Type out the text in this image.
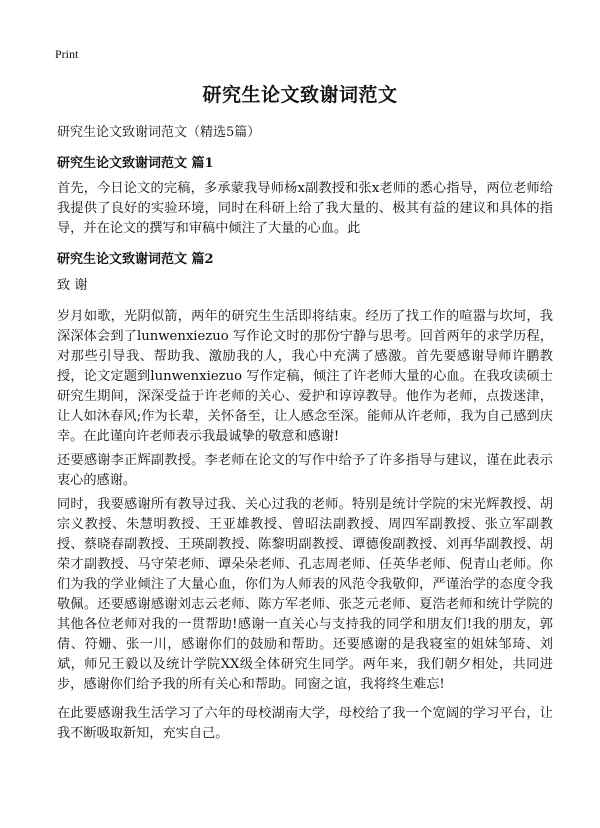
Print
研究生论文致谢词范文

研究生论文致谢词范文（精选5篇）

研究生论文致谢词范文 篇1

首先，今日论文的完稿，多承蒙我导师杨x副教授和张x老师的悉心指导，两位老师给我提供了良好的实验环境，同时在科研上给了我大量的、极其有益的建议和具体的指导，并在论文的撰写和审稿中倾注了大量的心血。此

研究生论文致谢词范文 篇2

致 谢

岁月如歌，光阴似箭，两年的研究生生活即将结束。经历了找工作的喧嚣与坎坷，我深深体会到了lunwenxiezuo 写作论文时的那份宁静与思考。回首两年的求学历程，对那些引导我、帮助我、激励我的人，我心中充满了感激。首先要感谢导师许鹏教授，论文定题到lunwenxiezuo 写作定稿，倾注了许老师大量的心血。在我攻读硕士研究生期间，深深受益于许老师的关心、爱护和谆谆教导。他作为老师，点拨迷津，让人如沐春风;作为长辈，关怀备至，让人感念至深。能师从许老师，我为自己感到庆幸。在此谨向许老师表示我最诚挚的敬意和感谢!

还要感谢李正辉副教授。李老师在论文的写作中给予了许多指导与建议，谨在此表示衷心的感谢。

同时，我要感谢所有教导过我、关心过我的老师。特别是统计学院的宋光辉教授、胡宗义教授、朱慧明教授、王亚雄教授、曾昭法副教授、周四军副教授、张立军副教授、蔡晓春副教授、王瑛副教授、陈黎明副教授、谭德俊副教授、刘再华副教授、胡荣才副教授、马守荣老师、谭朵朵老师、孔志周老师、任英华老师、倪青山老师。你们为我的学业倾注了大量心血，你们为人师表的风范令我敬仰，严谨治学的态度令我敬佩。还要感谢感谢刘志云老师、陈方军老师、张芝元老师、夏浩老师和统计学院的其他各位老师对我的一贯帮助!感谢一直关心与支持我的同学和朋友们!我的朋友，郭倩、符姗、张一川，感谢你们的鼓励和帮助。还要感谢的是我寝室的姐妹邹琦、刘斌，师兄王毅以及统计学院XX级全体研究生同学。两年来，我们朝夕相处，共同进步，感谢你们给予我的所有关心和帮助。同窗之谊，我将终生难忘!

在此要感谢我生活学习了六年的母校湖南大学，母校给了我一个宽阔的学习平台，让我不断吸取新知，充实自己。
